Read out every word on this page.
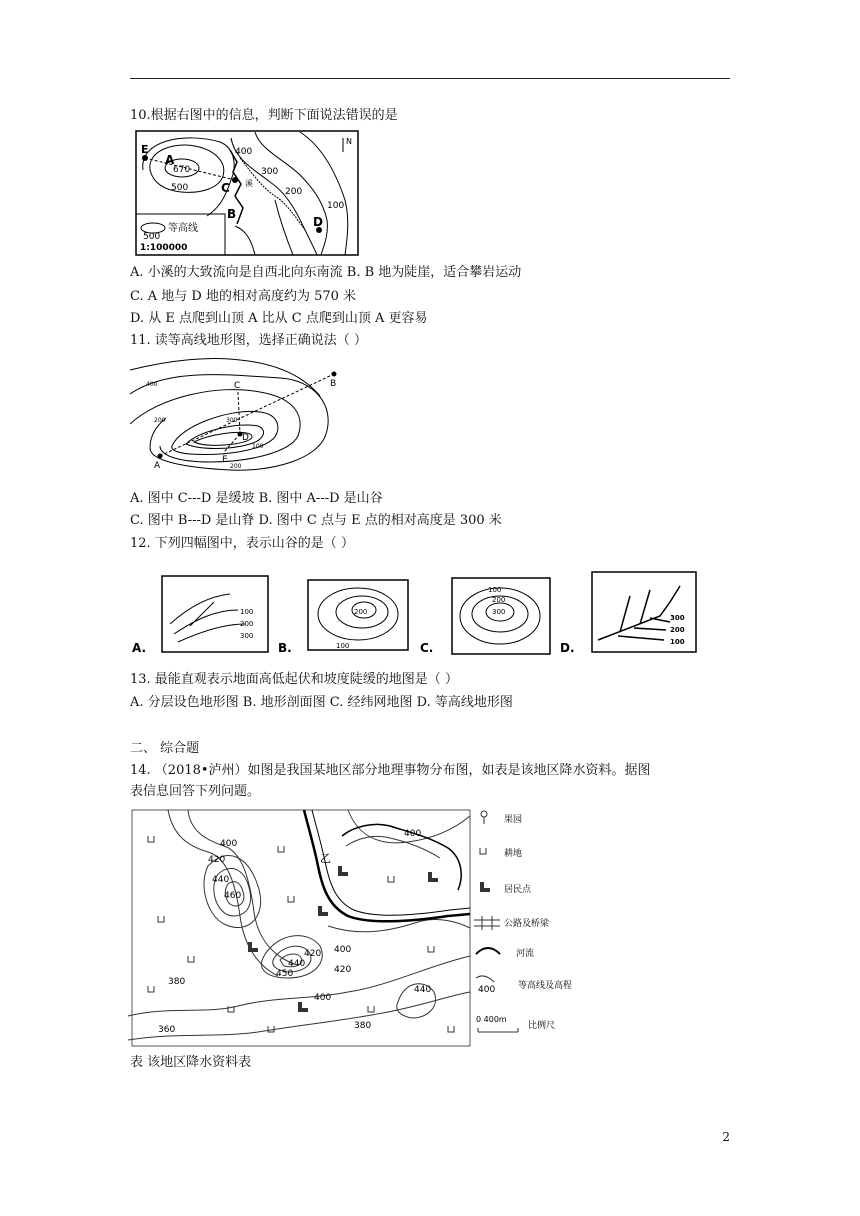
10.根据右图中的信息，判断下面说法错误的是
500
等高线
1:100000
E
A
670
500
400
300
200
100
C
B
D
N
溪
A. 小溪的大致流向是自西北向东南流 B. B 地为陡崖，适合攀岩运动
C. A 地与 D 地的相对高度约为 570 米
D. 从 E 点爬到山顶 A 比从 C 点爬到山顶 A 更容易
11. 读等高线地形图，选择正确说法（ ）
A
B
C
D
E
100
200
200
300
400
A. 图中 C---D 是缓坡 B. 图中 A---D 是山谷
C. 图中 B---D 是山脊 D. 图中 C 点与 E 点的相对高度是 300 米
12. 下列四幅图中，表示山谷的是（ ）
100
200
300
A.
200
100
B.
100
200
300
C.
300
200
100
D.
13. 最能直观表示地面高低起伏和坡度陡缓的地图是（ ）
A. 分层设色地形图 B. 地形剖面图 C. 经纬网地图 D. 等高线地形图
二、 综合题
14. （2018•泸州）如图是我国某地区部分地理事物分布图，如表是该地区降水资料。据图
表信息回答下列问题。
400
420
440
460
400
420
440
450
400
420
380
360
440
380
400
乙
果园
耕地
居民点
公路及桥梁
河流
400	等高线及高程
0 400m
比例尺
表 该地区降水资料表
2
